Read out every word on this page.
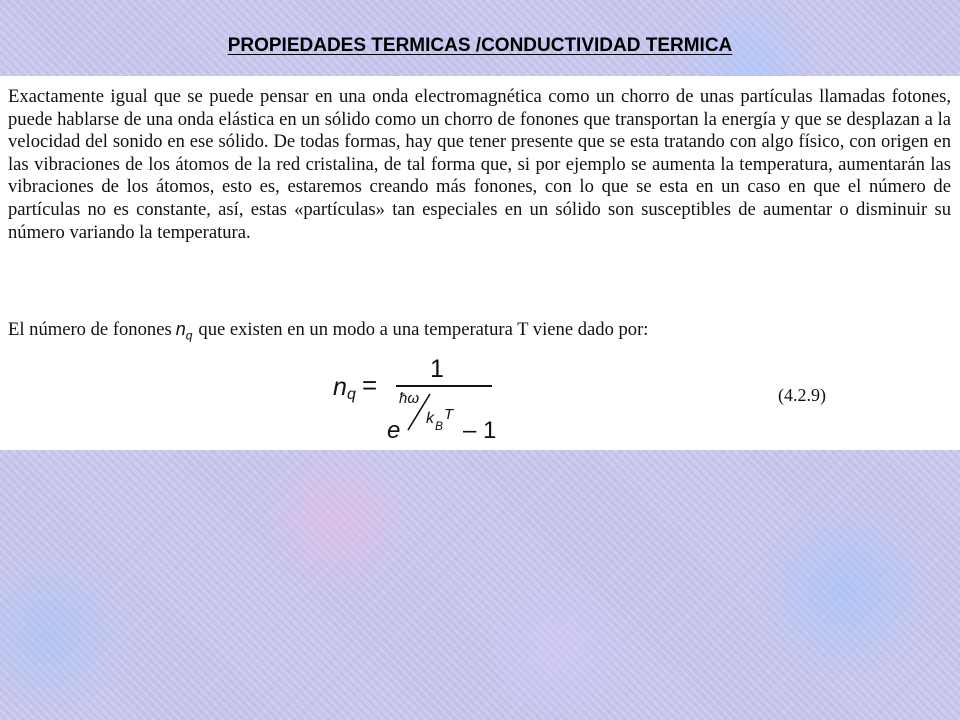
PROPIEDADES TERMICAS /CONDUCTIVIDAD TERMICA

Exactamente igual que se puede pensar en una onda electromagnética como un chorro de unas partículas llamadas fotones, puede hablarse de una onda elástica en un sólido como un chorro de fonones que transportan la energía y que se desplazan a la velocidad del sonido en ese sólido. De todas formas, hay que tener presente que se esta tratando con algo físico, con origen en las vibraciones de los átomos de la red cristalina, de tal forma que, si por ejemplo se aumenta la temperatura, aumentarán las vibraciones de los átomos, esto es, estaremos creando más fonones, con lo que se esta en un caso en que el número de partículas no es constante, así, estas «partículas» tan especiales en un sólido son susceptibles de aumentar o disminuir su número variando la temperatura.

El número de fonones $n_q$ que existen en un modo a una temperatura T viene dado por:

n q =
1
e
ħω
k B
T
– 1
(4.2.9)
